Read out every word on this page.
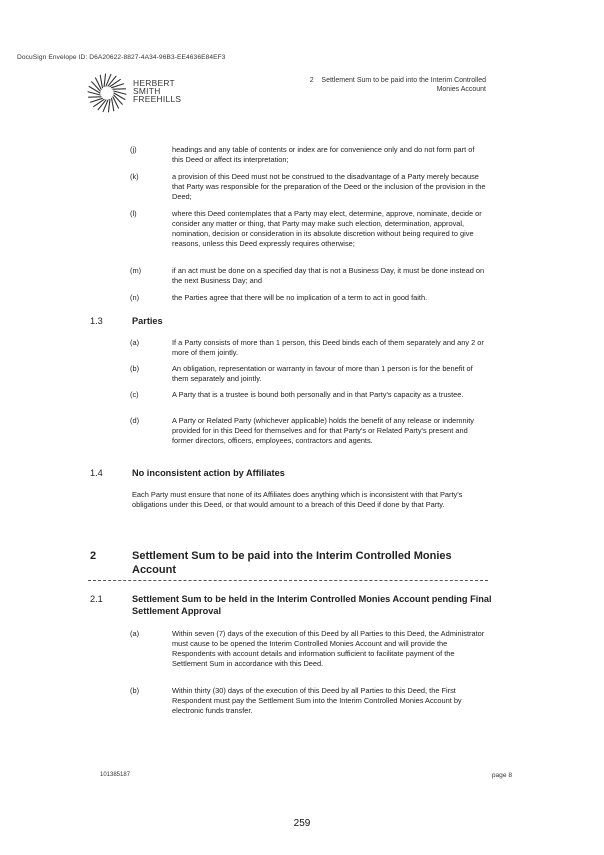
DocuSign Envelope ID: D6A20622-8827-4A34-96B3-EE4636E84EF3
HERBERT
SMITH
FREEHILLS
2    Settlement Sum to be paid into the Interim Controlled
Monies Account
(j)	headings and any table of contents or index are for convenience only and do not form part of this Deed or affect its interpretation;
(k)	a provision of this Deed must not be construed to the disadvantage of a Party merely because that Party was responsible for the preparation of the Deed or the inclusion of the provision in the Deed;
(l)	where this Deed contemplates that a Party may elect, determine, approve, nominate, decide or consider any matter or thing, that Party may make such election, determination, approval, nomination, decision or consideration in its absolute discretion without being required to give reasons, unless this Deed expressly requires otherwise;
(m)	if an act must be done on a specified day that is not a Business Day, it must be done instead on the next Business Day; and
(n)	the Parties agree that there will be no implication of a term to act in good faith.
1.3	Parties
(a)	If a Party consists of more than 1 person, this Deed binds each of them separately and any 2 or more of them jointly.
(b)	An obligation, representation or warranty in favour of more than 1 person is for the benefit of them separately and jointly.
(c)	A Party that is a trustee is bound both personally and in that Party's capacity as a trustee.
(d)	A Party or Related Party (whichever applicable) holds the benefit of any release or indemnity provided for in this Deed for themselves and for that Party's or Related Party's present and former directors, officers, employees, contractors and agents.
1.4	No inconsistent action by Affiliates
Each Party must ensure that none of its Affiliates does anything which is inconsistent with that Party's obligations under this Deed, or that would amount to a breach of this Deed if done by that Party.
2	Settlement Sum to be paid into the Interim Controlled Monies Account
2.1	Settlement Sum to be held in the Interim Controlled Monies Account pending Final Settlement Approval
(a)	Within seven (7) days of the execution of this Deed by all Parties to this Deed, the Administrator must cause to be opened the Interim Controlled Monies Account and will provide the Respondents with account details and information sufficient to facilitate payment of the Settlement Sum in accordance with this Deed.
(b)	Within thirty (30) days of the execution of this Deed by all Parties to this Deed, the First Respondent must pay the Settlement Sum into the Interim Controlled Monies Account by electronic funds transfer.
101385187	page 8
259
